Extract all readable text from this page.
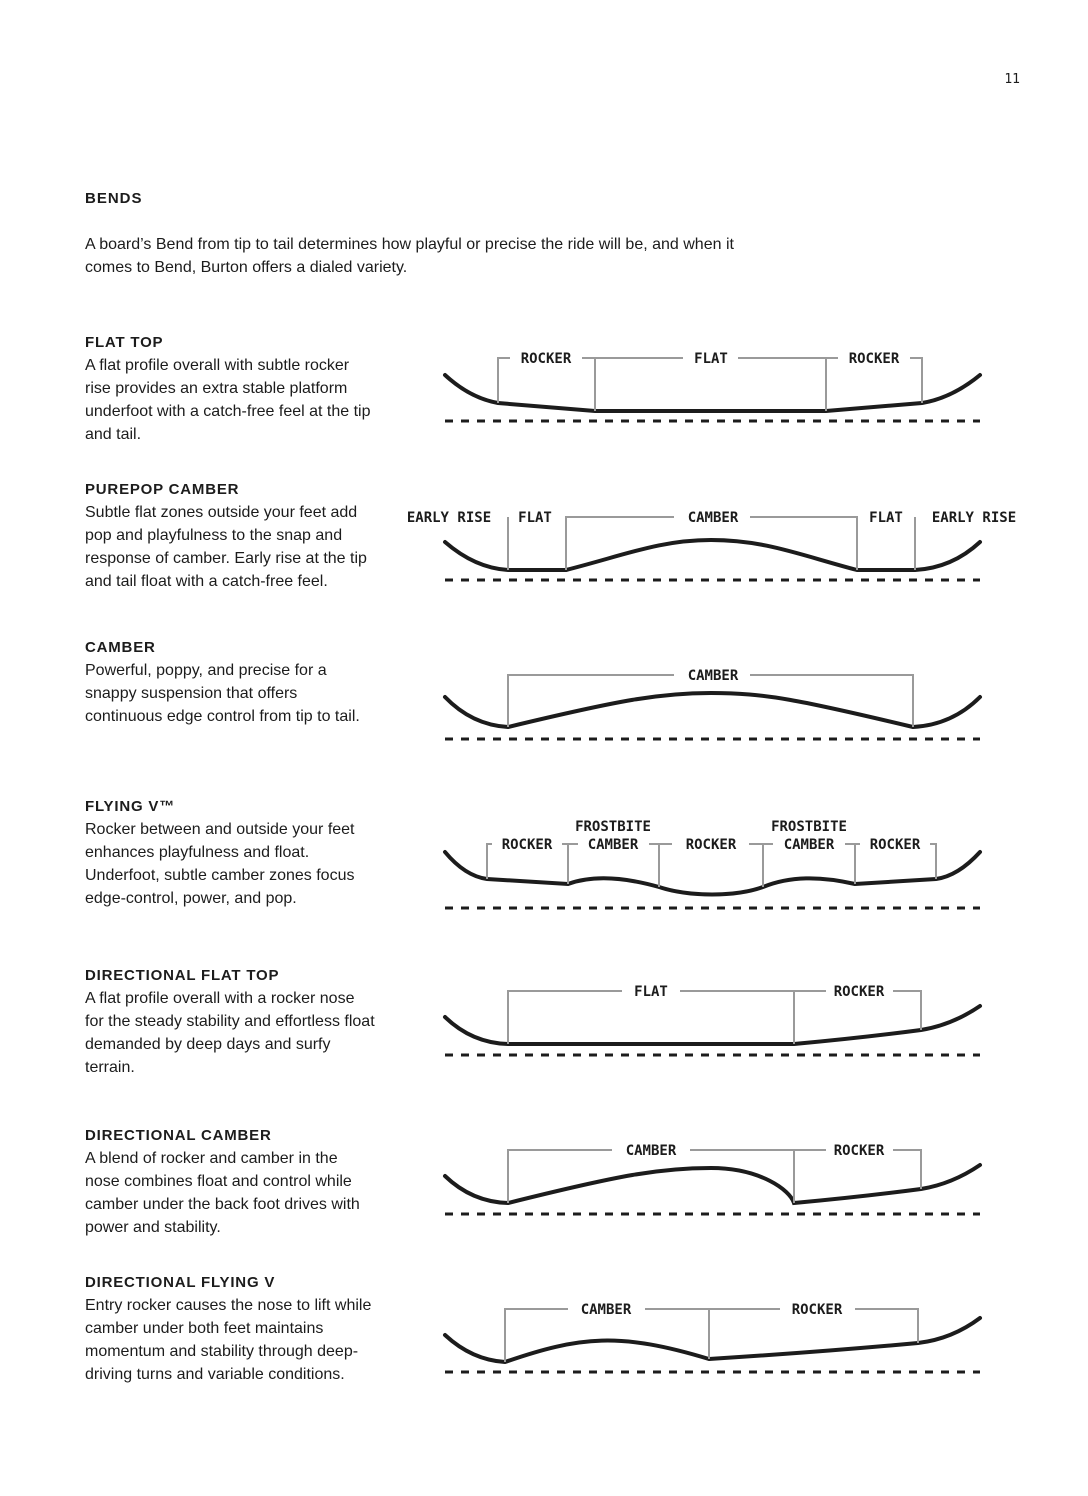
11
BENDS
A board’s Bend from tip to tail determines how playful or precise the ride will be, and when it comes to Bend, Burton offers a dialed variety.
FLAT TOP
A flat profile overall with subtle rocker rise provides an extra stable platform underfoot with a catch-free feel at the tip and tail.
PUREPOP CAMBER
Subtle flat zones outside your feet add pop and playfulness to the snap and response of camber. Early rise at the tip and tail float with a catch-free feel.
CAMBER
Powerful, poppy, and precise for a snappy suspension that offers continuous edge control from tip to tail.
FLYING V™
Rocker between and outside your feet enhances playfulness and float. Underfoot, subtle camber zones focus edge-control, power, and pop.
DIRECTIONAL FLAT TOP
A flat profile overall with a rocker nose for the steady stability and effortless float demanded by deep days and surfy terrain.
DIRECTIONAL CAMBER
A blend of rocker and camber in the nose combines float and control while camber under the back foot drives with power and stability.
DIRECTIONAL FLYING V
Entry rocker causes the nose to lift while camber under both feet maintains momentum and stability through deep-driving turns and variable conditions.
ROCKER	FLAT	ROCKER
EARLY RISE FLAT	CAMBER	FLAT EARLY RISE
CAMBER
ROCKER
FROSTBITE
CAMBER	ROCKER
FROSTBITE
CAMBER	ROCKER
FLAT	ROCKER
CAMBER	ROCKER
CAMBER	ROCKER
